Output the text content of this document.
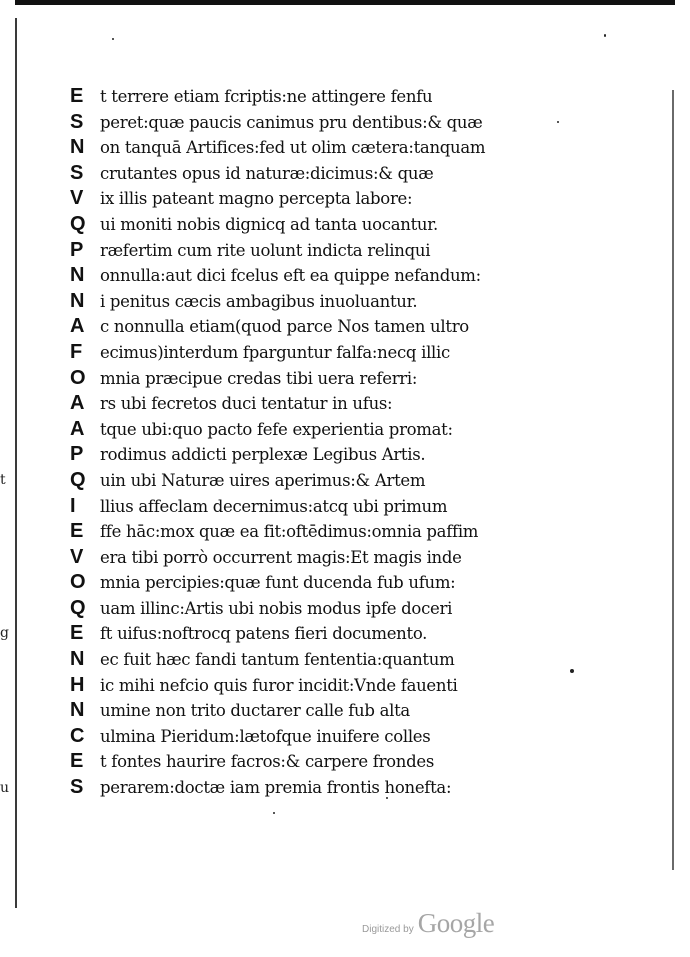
t
g
u
E	t terrere etiam fcriptis:ne attingere fenfu
S	peret:quæ paucis canimus pru dentibus:& quæ
N on tanquā Artifices:fed ut olim cætera:tanquam
S	crutantes opus id naturæ:dicimus:& quæ
V	ix illis pateant magno percepta labore:
Q ui moniti nobis dignicq ad tanta uocantur.
P	ræfertim cum rite uolunt indicta relinqui
N onnulla:aut dici fcelus eft ea quippe nefandum:
N i penitus cæcis ambagibus inuoluantur.
A c nonnulla etiam(quod parce Nos tamen ultro
F	ecimus)interdum fparguntur falfa:necq illic
O mnia præcipue credas tibi uera referri:
A rs ubi fecretos duci tentatur in ufus:
A tque ubi:quo pacto fefe experientia promat:
P	rodimus addicti perplexæ Legibus Artis.
Q uin ubi Naturæ uires aperimus:& Artem
I	llius affeclam decernimus:atcq ubi primum
E	ffe hāc:mox quæ ea fit:oftēdimus:omnia paffim
V	era tibi porrò occurrent magis:Et magis inde
O mnia percipies:quæ funt ducenda fub ufum:
Q uam illinc:Artis ubi nobis modus ipfe doceri
E	ft uifus:noftrocq patens fieri documento.
N ec fuit hæc fandi tantum fententia:quantum
H ic mihi nefcio quis furor incidit:Vnde fauenti
N umine non trito ductarer calle fub alta
C ulmina Pieridum:lætofque inuifere colles
E	t fontes haurire facros:& carpere frondes
S	perarem:doctæ iam premia frontis honefta:
Digitized by Google
